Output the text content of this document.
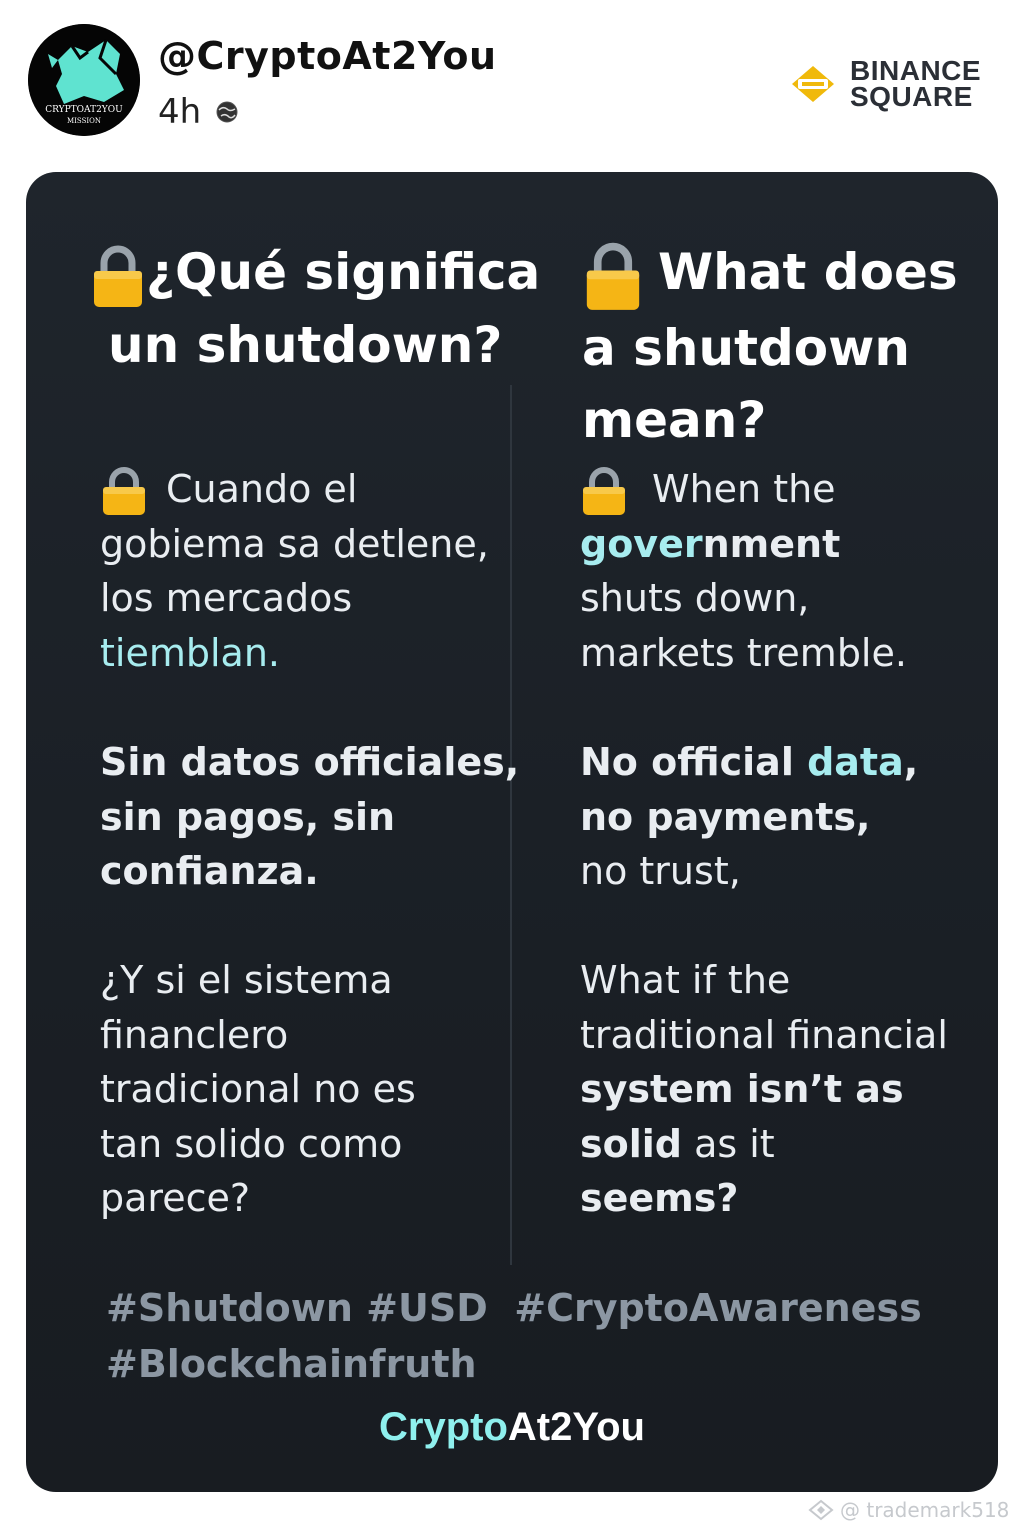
CRYPTOAT2YOU
MISSION
@CryptoAt2You
4h
BINANCE
SQUARE
¿Qué significa
un shutdown?
Cuando el
gobiema sa detlene,
los mercados
tiemblan.
Sin datos officiales,
sin pagos, sin
confianza.
¿Y si el sistema
financlero
tradicional no es
tan solido como
parece?
What does
a shutdown
mean?
When the
government
shuts down,
markets tremble.
No official data,
no payments,
no trust,
What if the
traditional financial
system isn’t as
solid as it
seems?
#Shutdown #USD  #CryptoAwareness
#Blockchainfruth
CryptoAt2You
@ trademark518
